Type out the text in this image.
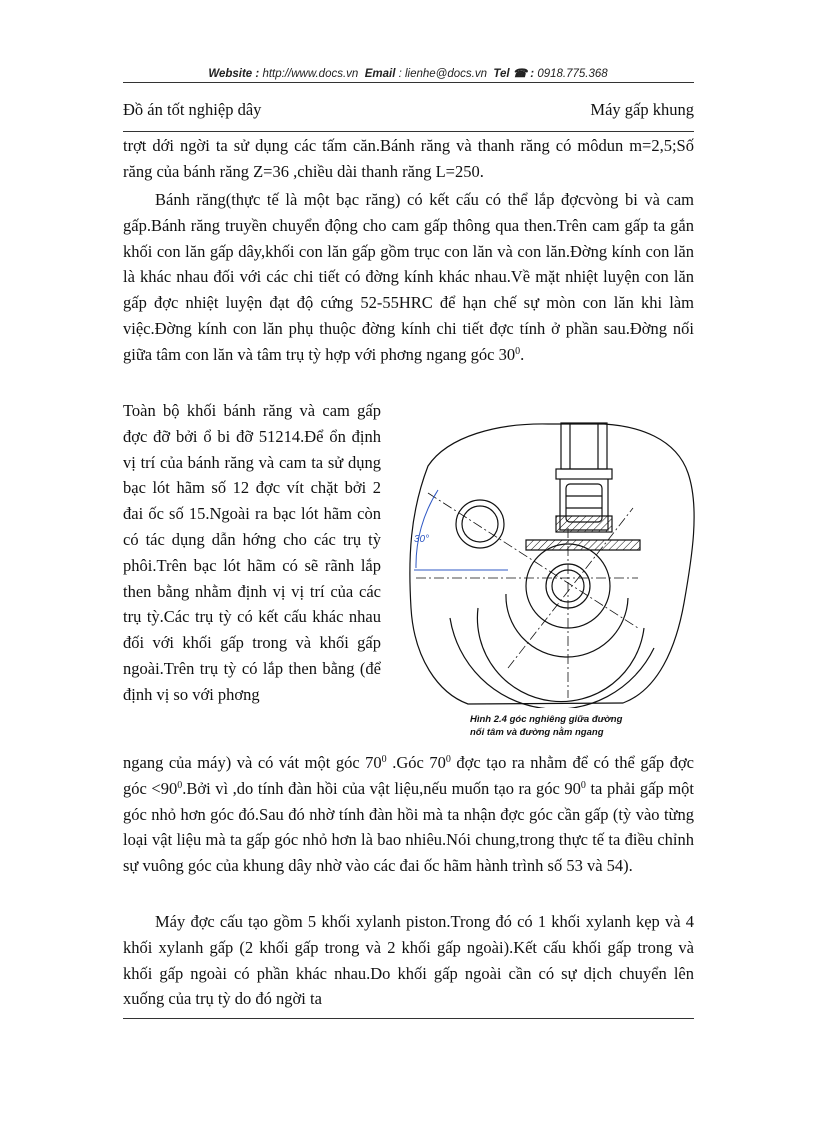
Website : http://www.docs.vn Email : lienhe@docs.vn Tel ☎ : 0918.775.368
Đồ án tốt nghiệp dây	Máy gấp khung

trợt dới ngời ta sử dụng các tấm căn.Bánh răng và thanh răng có môdun m=2,5;Số răng của bánh răng Z=36 ,chiều dài thanh răng L=250.

Bánh răng(thực tế là một bạc răng) có kết cấu có thể lắp đợcvòng bi và cam gấp.Bánh răng truyền chuyển động cho cam gấp thông qua then.Trên cam gấp ta gắn khối con lăn gấp dây,khối con lăn gấp gồm trục con lăn và con lăn.Đờng kính con lăn là khác nhau đối với các chi tiết có đờng kính khác nhau.Về mặt nhiệt luyện con lăn gấp đợc nhiệt luyện đạt độ cứng 52-55HRC để hạn chế sự mòn con lăn khi làm việc.Đờng kính con lăn phụ thuộc đờng kính chi tiết đợc tính ở phần sau.Đờng nối giữa tâm con lăn và tâm trụ tỳ hợp với phơng ngang góc $30^0$.

Toàn bộ khối bánh răng và cam gấp đợc đỡ bởi ổ bi đỡ 51214.Để ổn định vị trí của bánh răng và cam ta sử dụng bạc lót hãm số 12 đợc vít chặt bởi 2 đai ốc số 15.Ngoài ra bạc lót hãm còn có tác dụng dẫn hớng cho các trụ tỳ phôi.Trên bạc lót hãm có sẽ rãnh lắp then bằng nhằm định vị vị trí của các trụ tỳ.Các trụ tỳ có kết cấu khác nhau đối với khối gấp trong và khối gấp ngoài.Trên trụ tỳ có lắp then bằng (để định vị so với phơng
30°
Hình 2.4 góc nghiêng giữa đường
nối tâm và đường nằm ngang

ngang của máy) và có vát một góc $70^0$ .Góc $70^0$ đợc tạo ra nhằm để có thể gấp đợc góc $<90^0.Bởi$ vì ,do tính đàn hồi của vật liệu,nếu muốn tạo ra góc $90^0$ ta phải gấp một góc nhỏ hơn góc đó.Sau đó nhờ tính đàn hồi mà ta nhận đợc góc cần gấp (tỳ vào từng loại vật liệu mà ta gấp góc nhỏ hơn là bao nhiêu.Nói chung,trong thực tế ta điều chỉnh sự vuông góc của khung dây nhờ vào các đai ốc hãm hành trình số 53 và 54).

Máy đợc cấu tạo gồm 5 khối xylanh piston.Trong đó có 1 khối xylanh kẹp và 4 khối xylanh gấp (2 khối gấp trong và 2 khối gấp ngoài).Kết cấu khối gấp trong và khối gấp ngoài có phần khác nhau.Do khối gấp ngoài cần có sự dịch chuyển lên xuống của trụ tỳ do đó ngời ta
